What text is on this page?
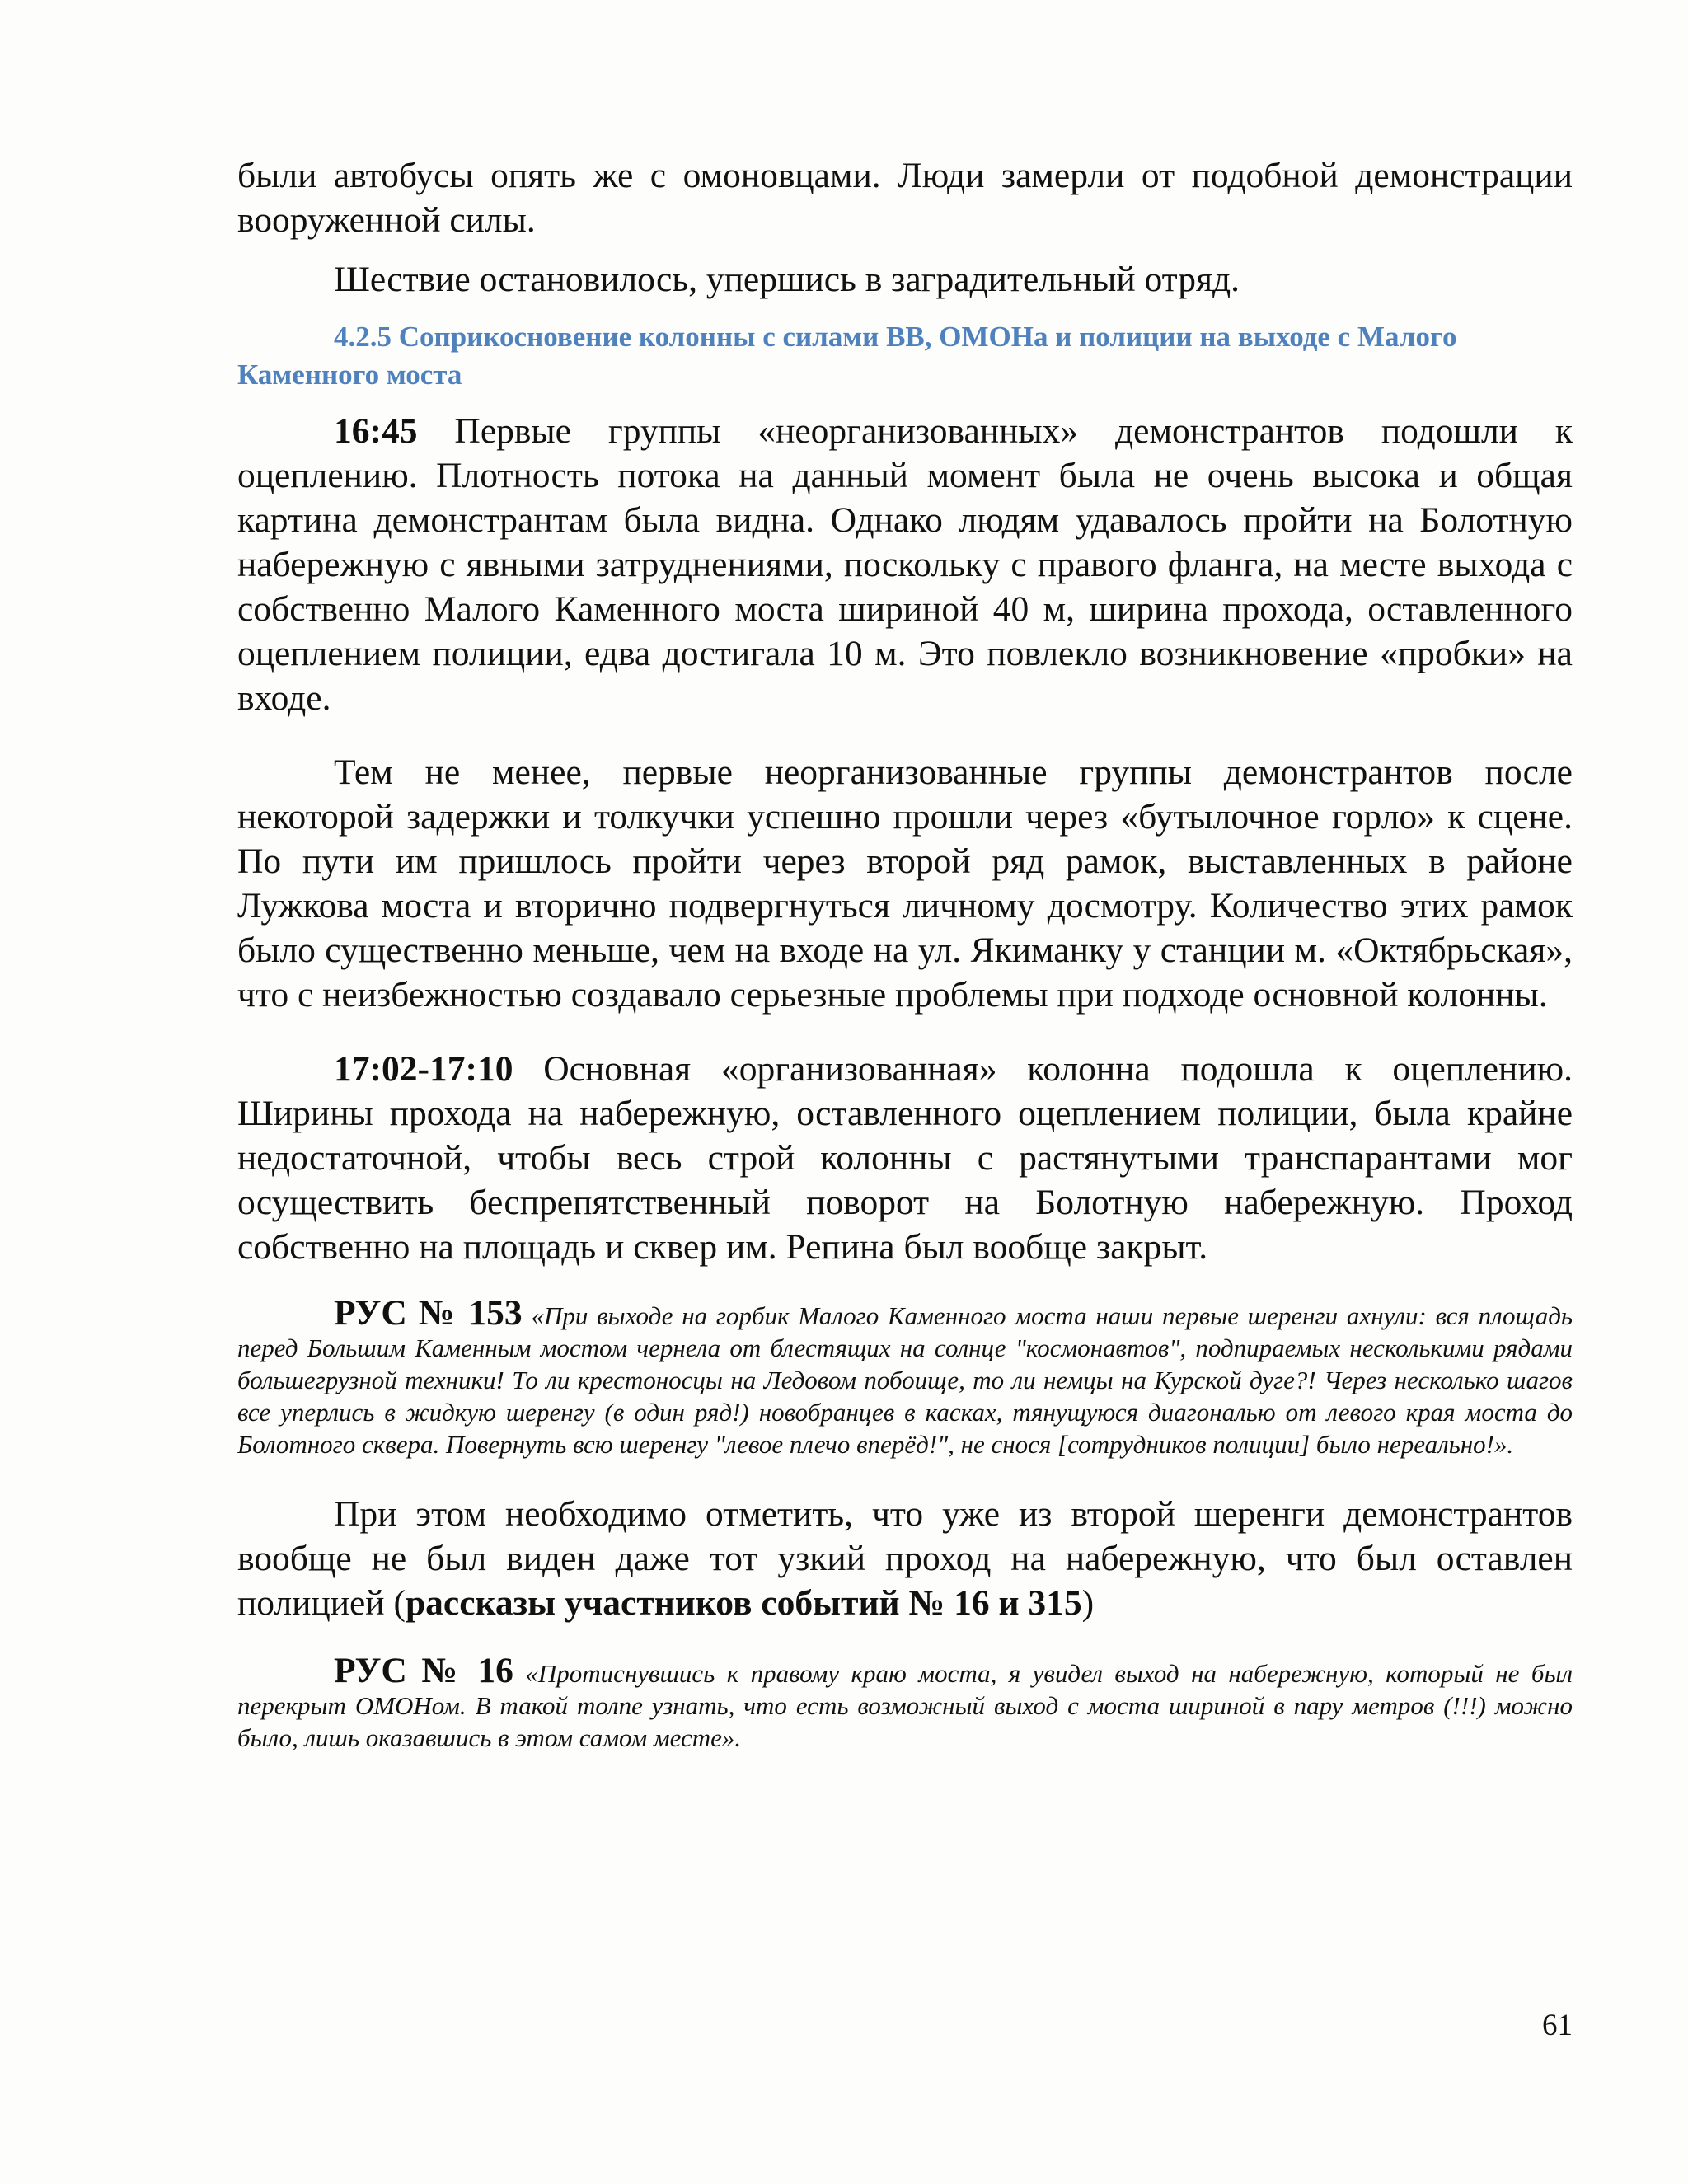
были автобусы опять же с омоновцами. Люди замерли от подобной демонстрации вооруженной силы.

Шествие остановилось, упершись в заградительный отряд.

4.2.5 Соприкосновение колонны с силами ВВ, ОМОНа и полиции на выходе с Малого Каменного моста

16:45 Первые группы «неорганизованных» демонстрантов подошли к оцеплению. Плотность потока на данный момент была не очень высока и общая картина демонстрантам была видна. Однако людям удавалось пройти на Болотную набережную с явными затруднениями, поскольку с правого фланга, на месте выхода с собственно Малого Каменного моста шириной 40 м, ширина прохода, оставленного оцеплением полиции, едва достигала 10 м. Это повлекло возникновение «пробки» на входе.

Тем не менее, первые неорганизованные группы демонстрантов после некоторой задержки и толкучки успешно прошли через «бутылочное горло» к сцене. По пути им пришлось пройти через второй ряд рамок, выставленных в районе Лужкова моста и вторично подвергнуться личному досмотру. Количество этих рамок было существенно меньше, чем на входе на ул. Якиманку у станции м. «Октябрьская», что с неизбежностью создавало серьезные проблемы при подходе основной колонны.

17:02-17:10 Основная «организованная» колонна подошла к оцеплению. Ширины прохода на набережную, оставленного оцеплением полиции, была крайне недостаточной, чтобы весь строй колонны с растянутыми транспарантами мог осуществить беспрепятственный поворот на Болотную набережную. Проход собственно на площадь и сквер им. Репина был вообще закрыт.

РУС № 153 «При выходе на горбик Малого Каменного моста наши первые шеренги ахнули: вся площадь перед Большим Каменным мостом чернела от блестящих на солнце "космонавтов", подпираемых несколькими рядами большегрузной техники! То ли крестоносцы на Ледовом побоище, то ли немцы на Курской дуге?! Через несколько шагов все уперлись в жидкую шеренгу (в один ряд!) новобранцев в касках, тянущуюся диагональю от левого края моста до Болотного сквера. Повернуть всю шеренгу "левое плечо вперёд!", не снося [сотрудников полиции] было нереально!».

При этом необходимо отметить, что уже из второй шеренги демонстрантов вообще не был виден даже тот узкий проход на набережную, что был оставлен полицией (рассказы участников событий № 16 и 315)

РУС № 16 «Протиснувшись к правому краю моста, я увидел выход на набережную, который не был перекрыт ОМОНом. В такой толпе узнать, что есть возможный выход с моста шириной в пару метров (!!!) можно было, лишь оказавшись в этом самом месте».

61
